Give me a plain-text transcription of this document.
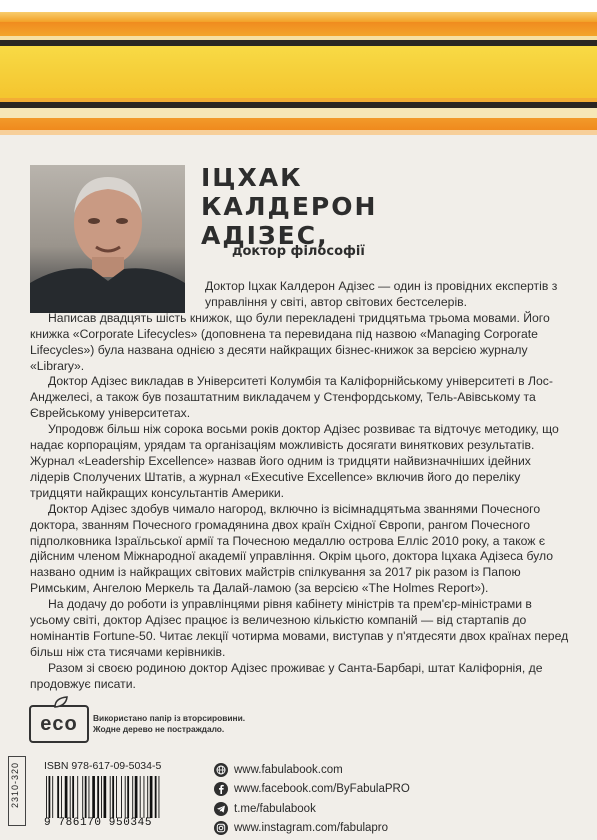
ІЦХАК
КАЛДЕРОН
АДІЗЕС,
доктор філософії

Доктор Іцхак Калдерон Адізес — один із провідних експертів з управління у світі, автор світових бестселерів.

Написав двадцять шість книжок, що були перекладені тридцятьма трьома мовами. Його книжка «Corporate Lifecycles» (доповнена та перевидана під назвою «Managing Corporate Lifecycles») була названа однією з десяти найкращих бізнес-книжок за версією журналу «Library».

Доктор Адізес викладав в Університеті Колумбія та Каліфорнійському університеті в Лос-Анджелесі, а також був позаштатним викладачем у Стенфордському, Тель-Авівському та Єврейському університетах.

Упродовж більш ніж сорока восьми років доктор Адізес розвиває та відточує методику, що надає корпораціям, урядам та організаціям можливість досягати виняткових результатів. Журнал «Leadership Excellence» назвав його одним із тридцяти найвизначніших ідейних лідерів Сполучених Штатів, а журнал «Executive Excellence» включив його до переліку тридцяти найкращих консультантів Америки.

Доктор Адізес здобув чимало нагород, включно із вісімнадцятьма званнями Почесного доктора, званням Почесного громадянина двох країн Східної Європи, рангом Почесного підполковника Ізраїльської армії та Почесною медаллю острова Елліс 2010 року, а також є дійсним членом Міжнародної академії управління. Окрім цього, доктора Іцхака Адізеса було названо одним із найкращих світових майстрів спілкування за 2017 рік разом із Папою Римським, Ангелою Меркель та Далай-ламою (за версією «The Holmes Report»).

На додачу до роботи із управлінцями рівня кабінету міністрів та прем'єр-міністрами в усьому світі, доктор Адізес працює із величезною кількістю компаній — від стартапів до номінантів Fortune-50. Читає лекції чотирма мовами, виступав у п'ятдесяти двох країнах перед більш ніж ста тисячами керівників.

Разом зі своєю родиною доктор Адізес проживає у Санта-Барбарі, штат Каліфорнія, де продовжує писати.

eco Використано папір із вторсировини.
Жодне дерево не постраждало.
2310-320	ISBN 978-617-09-5034-5
9 786170 950345
www.fabulabook.com
www.facebook.com/ByFabulaPRO
t.me/fabulabook
www.instagram.com/fabulapro
